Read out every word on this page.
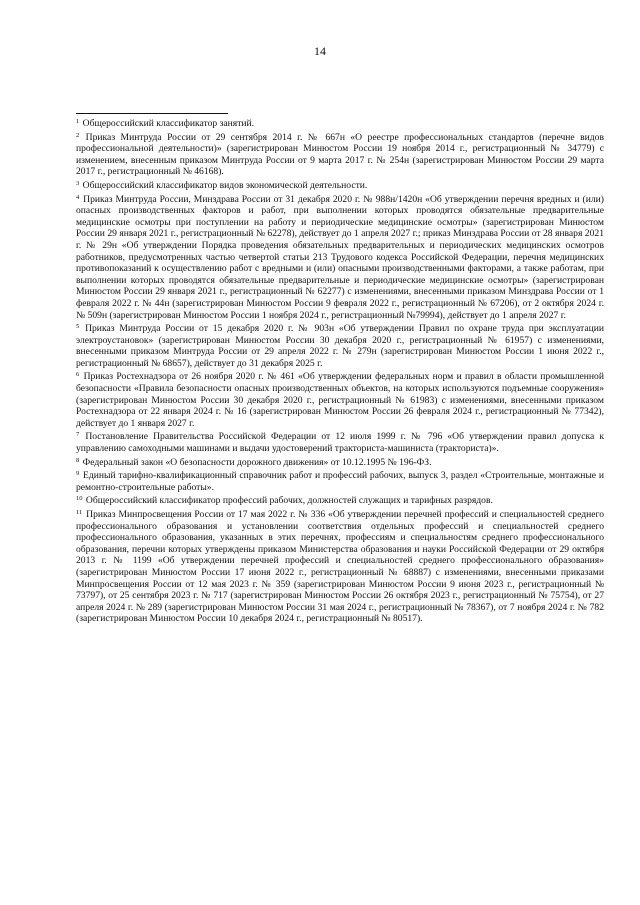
14

$^1$ Общероссийский классификатор занятий.

$^2$ Приказ Минтруда России от 29 сентября 2014 г. № 667н «О реестре профессиональных стандартов (перечне видов профессиональной деятельности)» (зарегистрирован Минюстом России 19 ноября 2014 г., регистрационный № 34779) с изменением, внесенным приказом Минтруда России от 9 марта 2017 г. № 254н (зарегистрирован Минюстом России 29 марта 2017 г., регистрационный № 46168).

$^3$ Общероссийский классификатор видов экономической деятельности.

$^4$ Приказ Минтруда России, Минздрава России от 31 декабря 2020 г. № 988н/1420н «Об утверждении перечня вредных и (или) опасных производственных факторов и работ, при выполнении которых проводятся обязательные предварительные медицинские осмотры при поступлении на работу и периодические медицинские осмотры» (зарегистрирован Минюстом России 29 января 2021 г., регистрационный № 62278), действует до 1 апреля 2027 г.; приказ Минздрава России от 28 января 2021 г. № 29н «Об утверждении Порядка проведения обязательных предварительных и периодических медицинских осмотров работников, предусмотренных частью четвертой статьи 213 Трудового кодекса Российской Федерации, перечня медицинских противопоказаний к осуществлению работ с вредными и (или) опасными производственными факторами, а также работам, при выполнении которых проводятся обязательные предварительные и периодические медицинские осмотры» (зарегистрирован Минюстом России 29 января 2021 г., регистрационный № 62277) с изменениями, внесенными приказом Минздрава России от 1 февраля 2022 г. № 44н (зарегистрирован Минюстом России 9 февраля 2022 г., регистрационный № 67206), от 2 октября 2024 г. № 509н (зарегистрирован Минюстом России 1 ноября 2024 г., регистрационный №79994), действует до 1 апреля 2027 г.

$^5$ Приказ Минтруда России от 15 декабря 2020 г. № 903н «Об утверждении Правил по охране труда при эксплуатации электроустановок» (зарегистрирован Минюстом России 30 декабря 2020 г., регистрационный № 61957) с изменениями, внесенными приказом Минтруда России от 29 апреля 2022 г. № 279н (зарегистрирован Минюстом России 1 июня 2022 г., регистрационный № 68657), действует до 31 декабря 2025 г.

$^6$ Приказ Ростехнадзора от 26 ноября 2020 г. № 461 «Об утверждении федеральных норм и правил в области промышленной безопасности «Правила безопасности опасных производственных объектов, на которых используются подъемные сооружения» (зарегистрирован Минюстом России 30 декабря 2020 г., регистрационный № 61983) с изменениями, внесенными приказом Ростехнадзора от 22 января 2024 г. № 16 (зарегистрирован Минюстом России 26 февраля 2024 г., регистрационный № 77342), действует до 1 января 2027 г.

$^7$ Постановление Правительства Российской Федерации от 12 июля 1999 г. № 796 «Об утверждении правил допуска к управлению самоходными машинами и выдачи удостоверений тракториста-машиниста (тракториста)».

$^8$ Федеральный закон «О безопасности дорожного движения» от 10.12.1995 № 196-ФЗ.

$^9$ Единый тарифно-квалификационный справочник работ и профессий рабочих, выпуск 3, раздел «Строительные, монтажные и ремонтно-строительные работы».

$^{10}$ Общероссийский классификатор профессий рабочих, должностей служащих и тарифных разрядов.

$^{11}$ Приказ Минпросвещения России от 17 мая 2022 г. № 336 «Об утверждении перечней профессий и специальностей среднего профессионального образования и установлении соответствия отдельных профессий и специальностей среднего профессионального образования, указанных в этих перечнях, профессиям и специальностям среднего профессионального образования, перечни которых утверждены приказом Министерства образования и науки Российской Федерации от 29 октября 2013 г. № 1199 «Об утверждении перечней профессий и специальностей среднего профессионального образования» (зарегистрирован Минюстом России 17 июня 2022 г., регистрационный № 68887) с изменениями, внесенными приказами Минпросвещения России от 12 мая 2023 г. № 359 (зарегистрирован Минюстом России 9 июня 2023 г., регистрационный № 73797), от 25 сентября 2023 г. № 717 (зарегистрирован Минюстом России 26 октября 2023 г., регистрационный № 75754), от 27 апреля 2024 г. № 289 (зарегистрирован Минюстом России 31 мая 2024 г., регистрационный № 78367), от 7 ноября 2024 г. № 782 (зарегистрирован Минюстом России 10 декабря 2024 г., регистрационный № 80517).
